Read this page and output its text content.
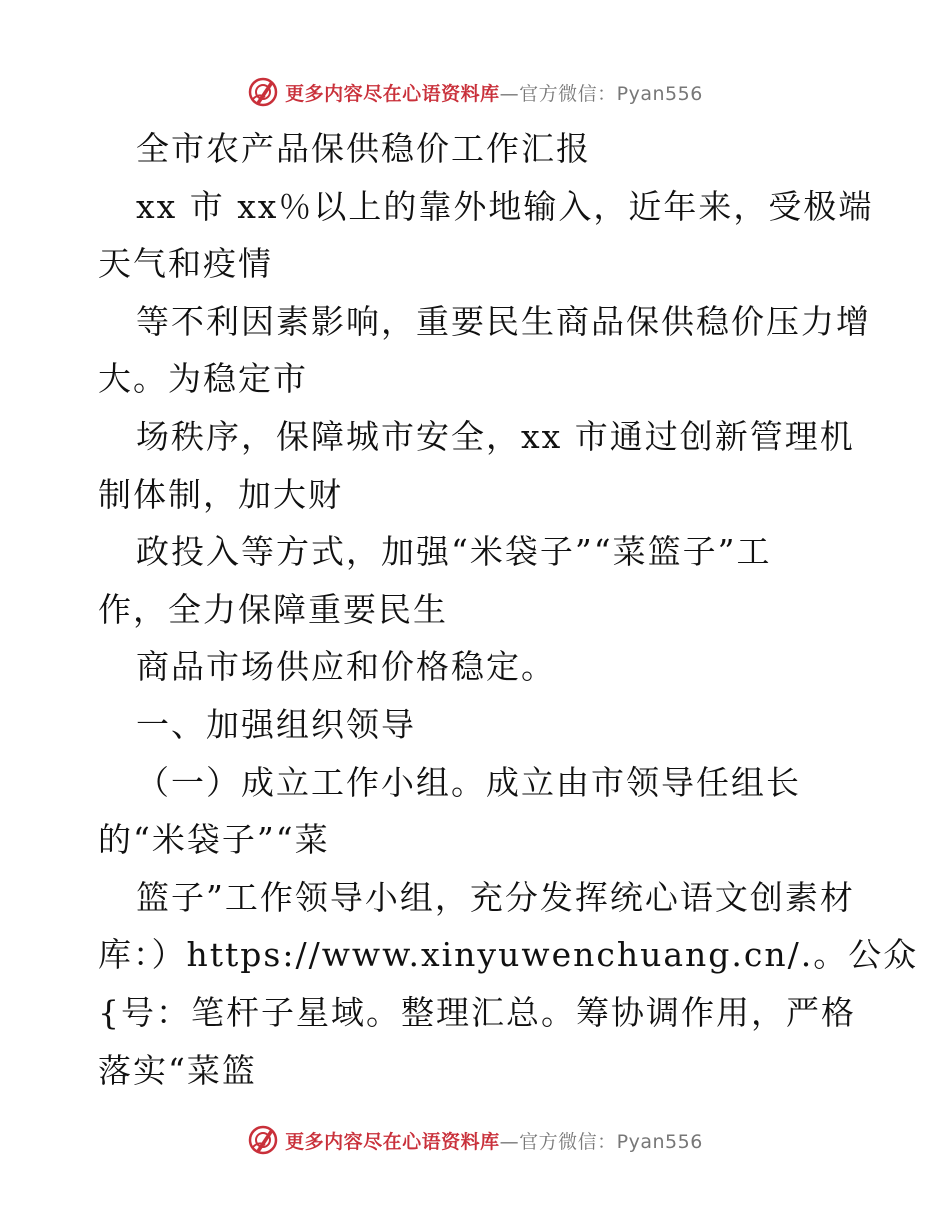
更多内容尽在心语资料库—官方微信：Pyan556
全市农产品保供稳价工作汇报
xx 市 xx％以上的靠外地输入，近年来，受极端
天气和疫情
等不利因素影响，重要民生商品保供稳价压力增
大。为稳定市
场秩序，保障城市安全，xx 市通过创新管理机
制体制，加大财
政投入等方式，加强“米袋子”“菜篮子”工
作，全力保障重要民生
商品市场供应和价格稳定。
一、加强组织领导
（一）成立工作小组。成立由市领导任组长
的“米袋子”“菜
篮子”工作领导小组，充分发挥统心语文创素材
库：）https://www.xinyuwenchuang.cn/.。公众
{号：笔杆子星域。整理汇总。筹协调作用，严格
落实“菜篮
更多内容尽在心语资料库—官方微信：Pyan556
